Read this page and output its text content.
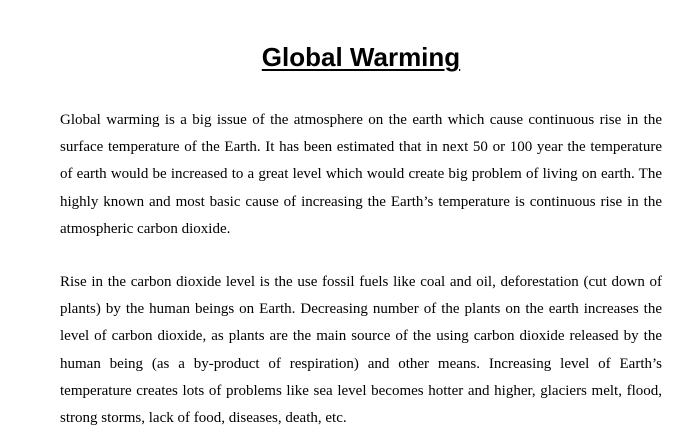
Global Warming

Global warming is a big issue of the atmosphere on the earth which cause continuous rise in the surface temperature of the Earth. It has been estimated that in next 50 or 100 year the temperature of earth would be increased to a great level which would create big problem of living on earth. The highly known and most basic cause of increasing the Earth’s temperature is continuous rise in the atmospheric carbon dioxide.

Rise in the carbon dioxide level is the use fossil fuels like coal and oil, deforestation (cut down of plants) by the human beings on Earth. Decreasing number of the plants on the earth increases the level of carbon dioxide, as plants are the main source of the using carbon dioxide released by the human being (as a by-product of respiration) and other means. Increasing level of Earth’s temperature creates lots of problems like sea level becomes hotter and higher, glaciers melt, flood, strong storms, lack of food, diseases, death, etc.
